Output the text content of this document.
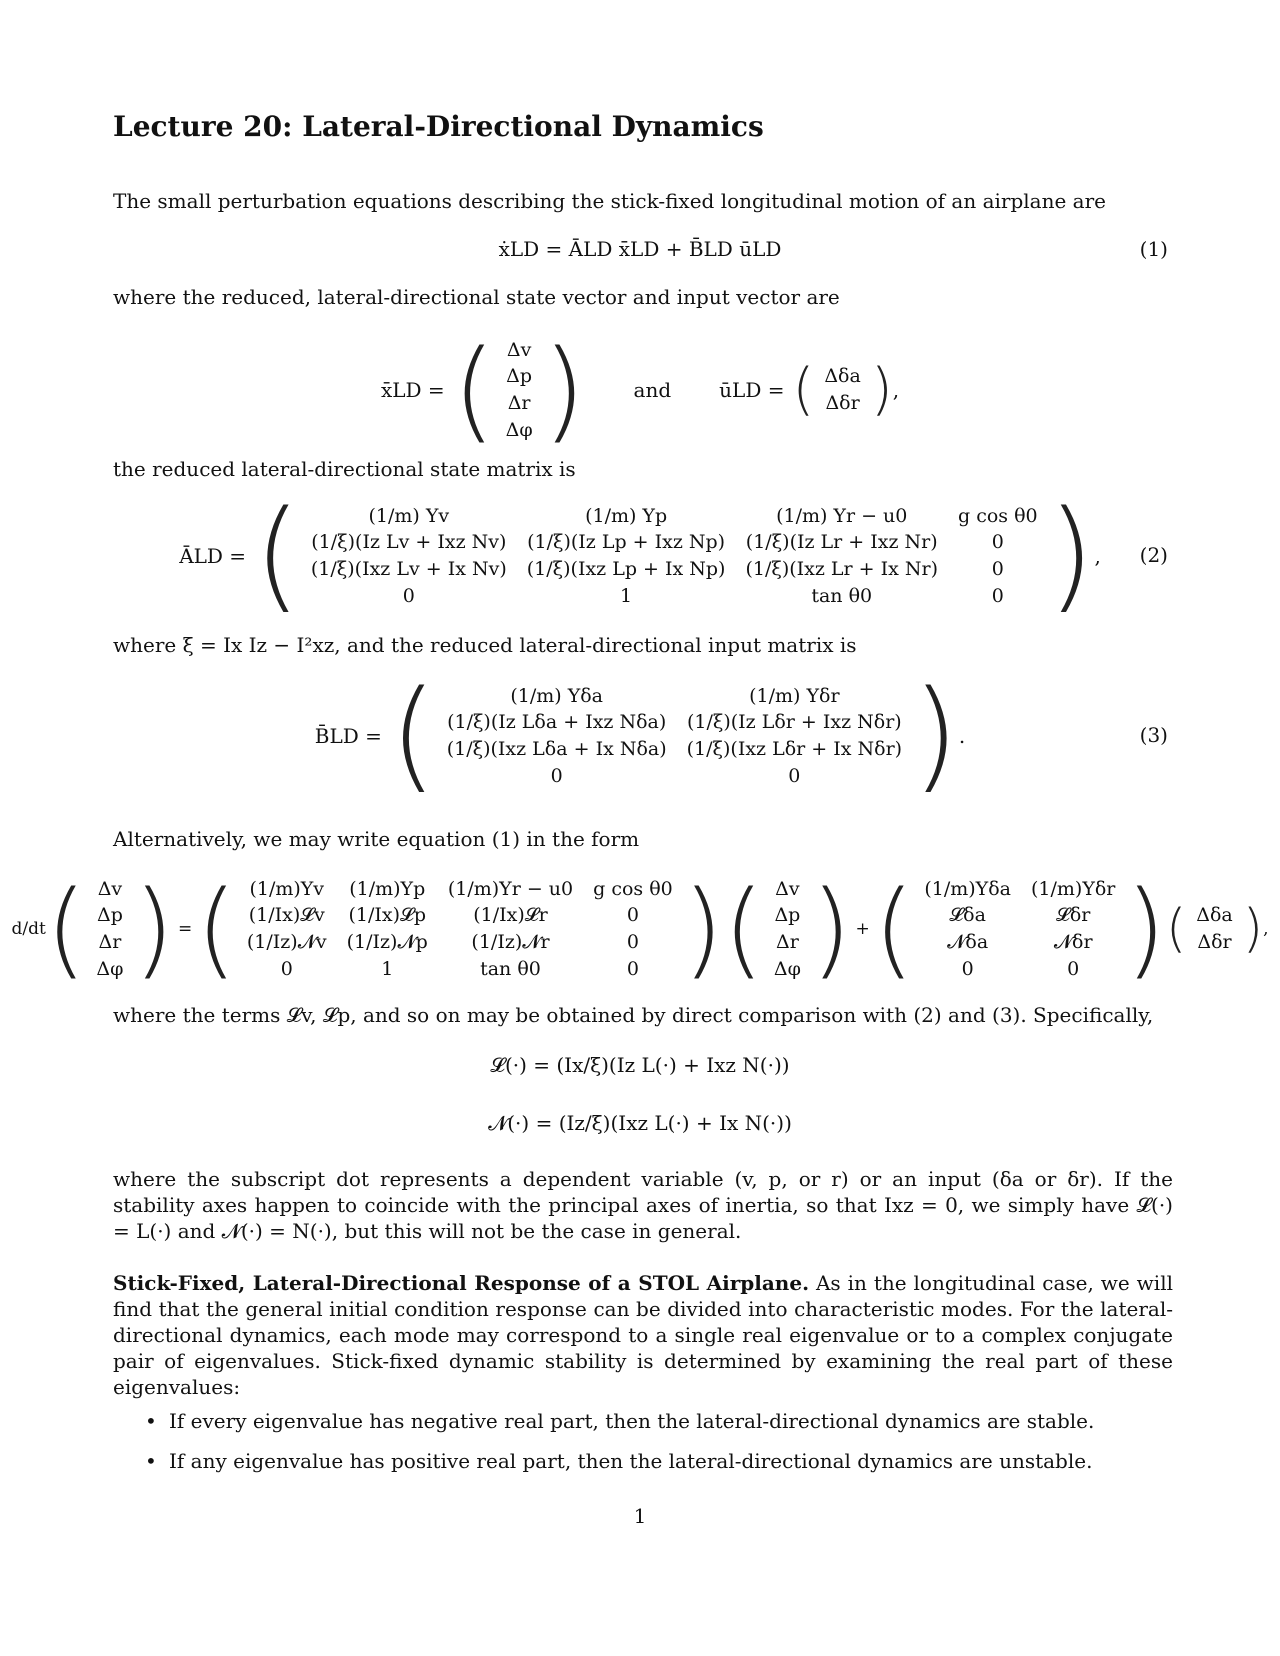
Lecture 20: Lateral-Directional Dynamics
The small perturbation equations describing the stick-fixed longitudinal motion of an airplane are
ẋLD = ĀLD x̄LD + B̄LD ūLD	(1)
where the reduced, lateral-directional state vector and input vector are
x̄LD = ( Δv
Δp
Δr
Δφ ) and ūLD = ( Δδa
Δδr ) ,
the reduced lateral-directional state matrix is
ĀLD = (	(1/m) Yv	(1/m) Yp	(1/m) Yr − u0	g cos θ0
(1/ξ)(Iz Lv + Ixz Nv)	(1/ξ)(Iz Lp + Ixz Np)	(1/ξ)(Iz Lr + Ixz Nr)	0
(1/ξ)(Ixz Lv + Ix Nv)	(1/ξ)(Ixz Lp + Ix Np)	(1/ξ)(Ixz Lr + Ix Nr)	0
0	1	tan θ0	0 ) , (2)
where ξ = Ix Iz − I²xz, and the reduced lateral-directional input matrix is
B̄LD = (	(1/m) Yδa	(1/m) Yδr
(1/ξ)(Iz Lδa + Ixz Nδa)	(1/ξ)(Iz Lδr + Ixz Nδr)
(1/ξ)(Ixz Lδa + Ix Nδa)	(1/ξ)(Ixz Lδr + Ix Nδr)
0	0 ) .	(3)
Alternatively, we may write equation (1) in the form
d/dt ( Δv
Δp
Δr
Δφ ) = ( (1/m)Yv	(1/m)Yp	(1/m)Yr − u0	g cos θ0
(1/Ix)𝓛v	(1/Ix)𝓛p	(1/Ix)𝓛r	0
(1/Iz)𝓝v	(1/Iz)𝓝p	(1/Iz)𝓝r	0
0	1	tan θ0	0 ) ( Δv
Δp
Δr
Δφ ) + ( (1/m)Yδa	(1/m)Yδr
𝓛δa	𝓛δr
𝓝δa	𝓝δr
0	0 ) ( Δδa
Δδr ) ,
where the terms 𝓛v, 𝓛p, and so on may be obtained by direct comparison with (2) and (3). Specifically,
𝓛(·) = (Ix/ξ)(Iz L(·) + Ixz N(·))
𝓝(·) = (Iz/ξ)(Ixz L(·) + Ix N(·))
where the subscript dot represents a dependent variable (v, p, or r) or an input (δa or δr). If the stability axes happen to coincide with the principal axes of inertia, so that Ixz = 0, we simply have 𝓛(·) = L(·) and 𝓝(·) = N(·), but this will not be the case in general.
Stick-Fixed, Lateral-Directional Response of a STOL Airplane. As in the longitudinal case, we will find that the general initial condition response can be divided into characteristic modes. For the lateral-directional dynamics, each mode may correspond to a single real eigenvalue or to a complex conjugate pair of eigenvalues. Stick-fixed dynamic stability is determined by examining the real part of these eigenvalues:
• If every eigenvalue has negative real part, then the lateral-directional dynamics are stable.
• If any eigenvalue has positive real part, then the lateral-directional dynamics are unstable.
1
